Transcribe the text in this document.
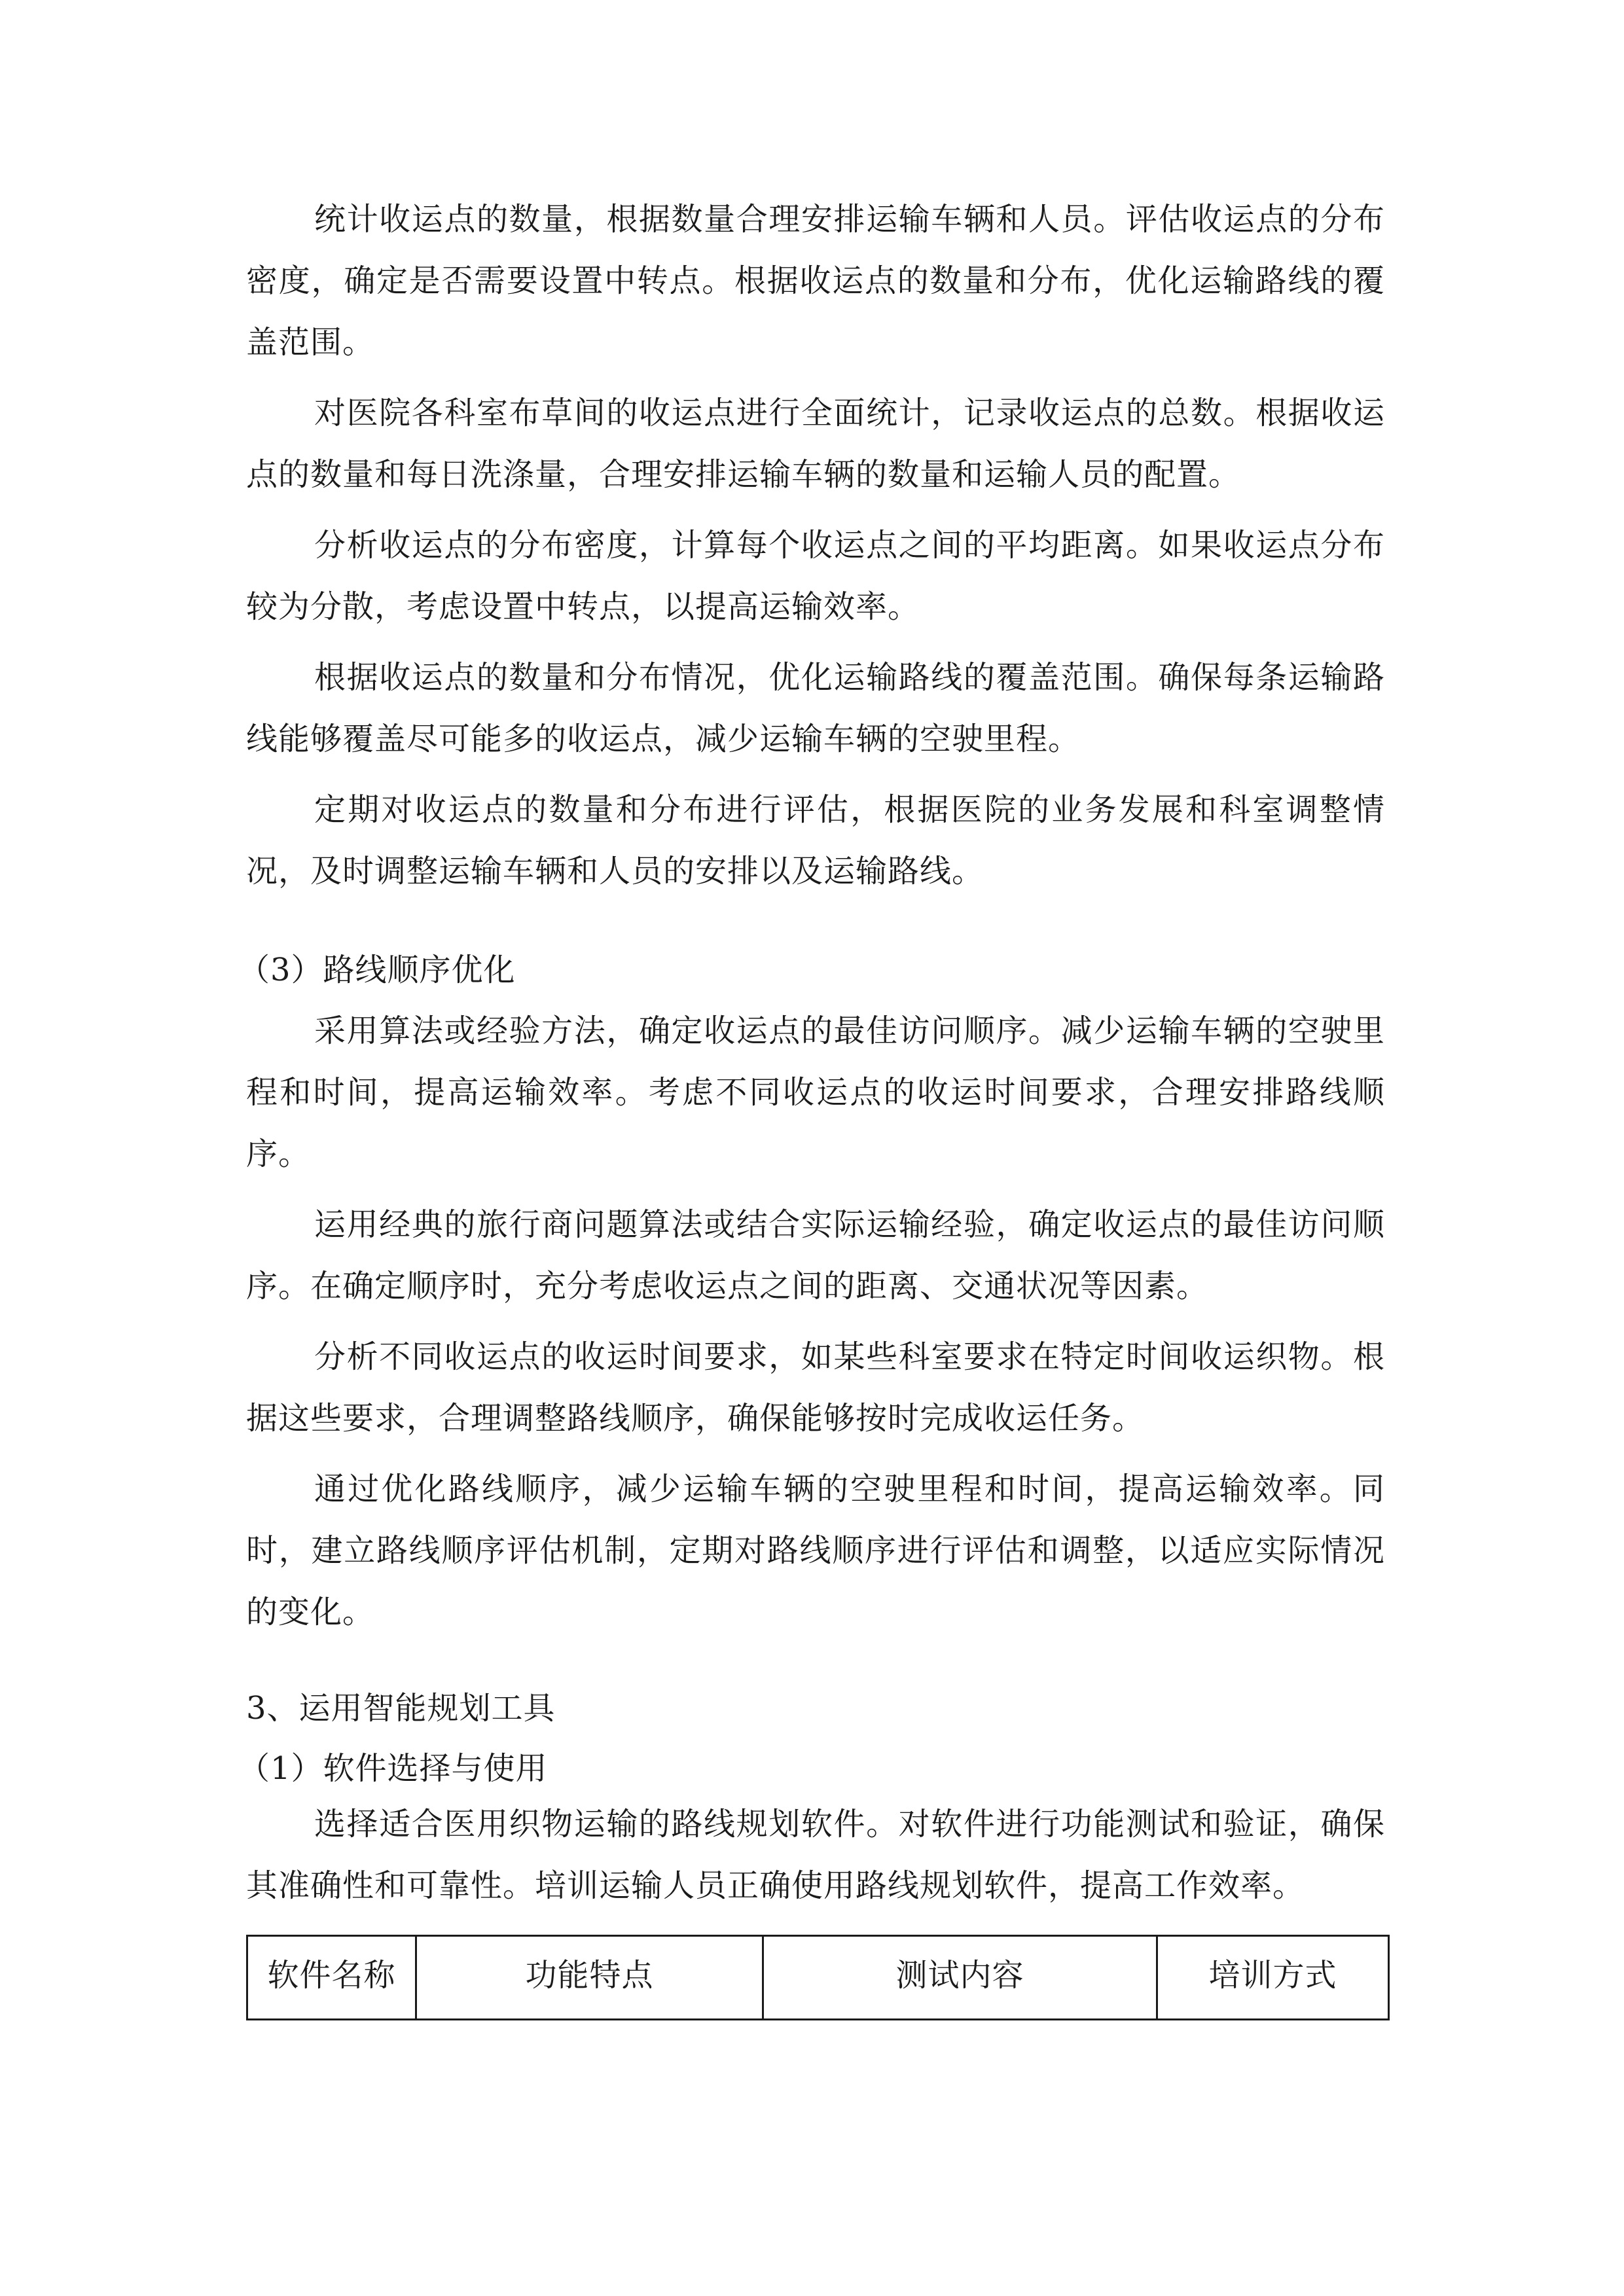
统计收运点的数量，根据数量合理安排运输车辆和人员。评估收运点的分布密度，确定是否需要设置中转点。根据收运点的数量和分布，优化运输路线的覆盖范围。

对医院各科室布草间的收运点进行全面统计，记录收运点的总数。根据收运点的数量和每日洗涤量，合理安排运输车辆的数量和运输人员的配置。

分析收运点的分布密度，计算每个收运点之间的平均距离。如果收运点分布较为分散，考虑设置中转点，以提高运输效率。

根据收运点的数量和分布情况，优化运输路线的覆盖范围。确保每条运输路线能够覆盖尽可能多的收运点，减少运输车辆的空驶里程。

定期对收运点的数量和分布进行评估，根据医院的业务发展和科室调整情况，及时调整运输车辆和人员的安排以及运输路线。

（3）路线顺序优化

采用算法或经验方法，确定收运点的最佳访问顺序。减少运输车辆的空驶里程和时间，提高运输效率。考虑不同收运点的收运时间要求，合理安排路线顺序。

运用经典的旅行商问题算法或结合实际运输经验，确定收运点的最佳访问顺序。在确定顺序时，充分考虑收运点之间的距离、交通状况等因素。

分析不同收运点的收运时间要求，如某些科室要求在特定时间收运织物。根据这些要求，合理调整路线顺序，确保能够按时完成收运任务。

通过优化路线顺序，减少运输车辆的空驶里程和时间，提高运输效率。同时，建立路线顺序评估机制，定期对路线顺序进行评估和调整，以适应实际情况的变化。

3、运用智能规划工具
（1）软件选择与使用

选择适合医用织物运输的路线规划软件。对软件进行功能测试和验证，确保其准确性和可靠性。培训运输人员正确使用路线规划软件，提高工作效率。

软件名称	功能特点	测试内容	培训方式
